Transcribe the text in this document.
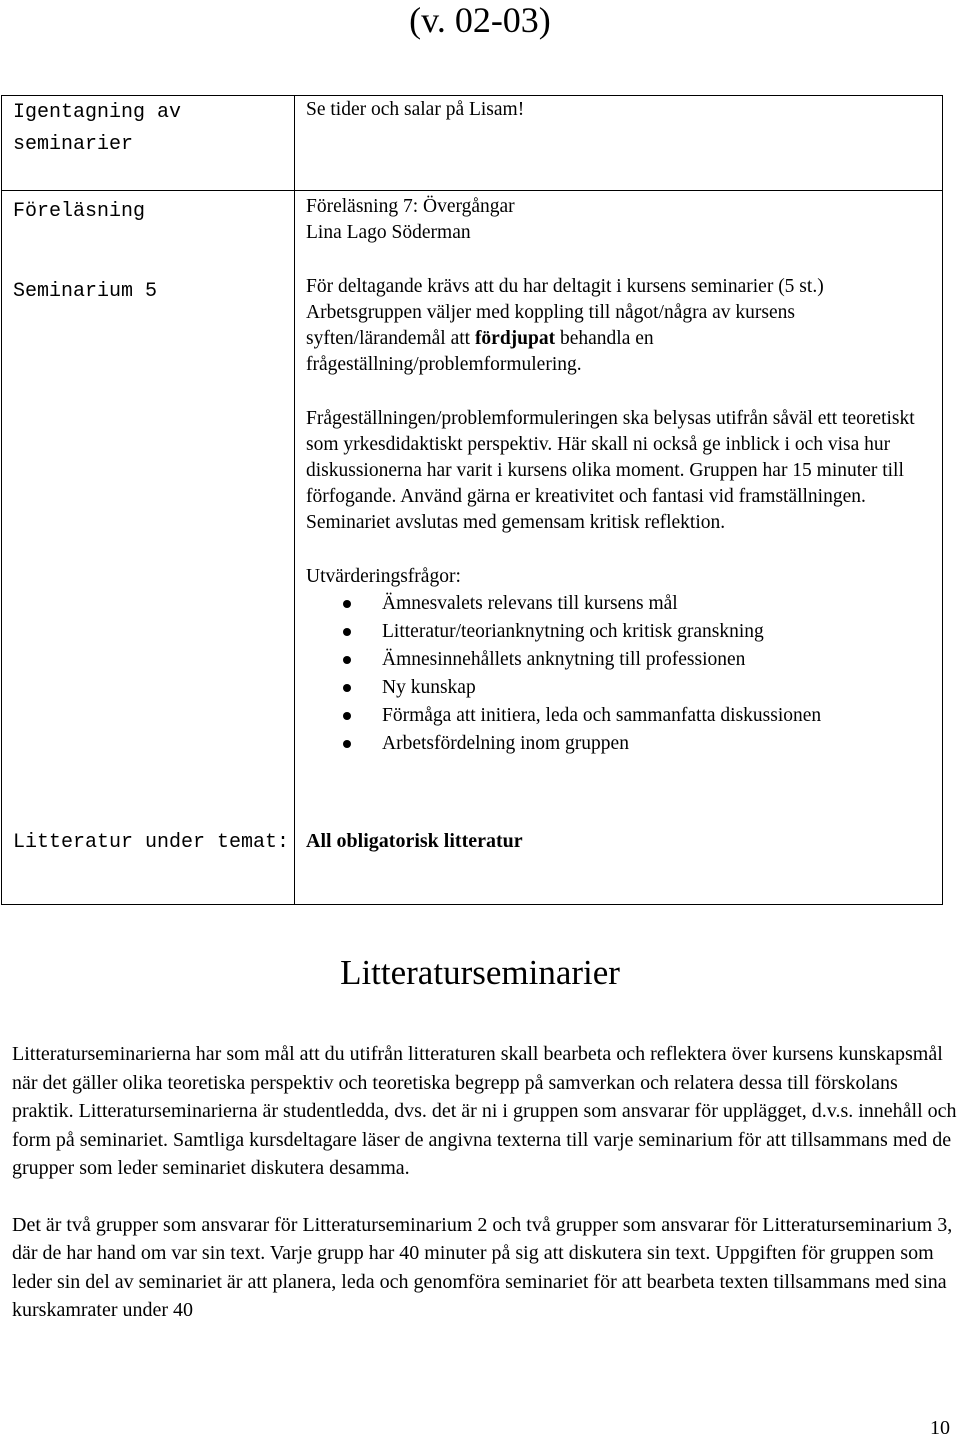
(v. 02-03)
Igentagning av seminarier

Se tider och salar på Lisam!

Föreläsning	Föreläsning 7: Övergångar

Lina Lago Söderman

Seminarium 5	För deltagande krävs att du har deltagit i kursens seminarier (5 st.)

Arbetsgruppen väljer med koppling till något/några av kursens

syften/lärandemål att fördjupat behandla en

frågeställning/problemformulering.

Frågeställningen/problemformuleringen ska belysas utifrån såväl ett teoretiskt som yrkesdidaktiskt perspektiv. Här skall ni också ge inblick i och visa hur diskussionerna har varit i kursens olika moment. Gruppen har 15 minuter till förfogande. Använd gärna er kreativitet och fantasi vid framställningen. Seminariet avslutas med gemensam kritisk reflektion.

Utvärderingsfrågor:

Ämnesvalets relevans till kursens mål
Litteratur/teorianknytning och kritisk granskning
Ämnesinnehållets anknytning till professionen
Ny kunskap
Förmåga att initiera, leda och sammanfatta diskussionen
Arbetsfördelning inom gruppen
Litteratur under temat: All obligatorisk litteratur
Litteraturseminarier

Litteraturseminarierna har som mål att du utifrån litteraturen skall bearbeta och reflektera över kursens kunskapsmål när det gäller olika teoretiska perspektiv och teoretiska begrepp på samverkan och relatera dessa till förskolans praktik. Litteraturseminarierna är studentledda, dvs. det är ni i gruppen som ansvarar för upplägget, d.v.s. innehåll och form på seminariet. Samtliga kursdeltagare läser de angivna texterna till varje seminarium för att tillsammans med de grupper som leder seminariet diskutera desamma.

Det är två grupper som ansvarar för Litteraturseminarium 2 och två grupper som ansvarar för Litteraturseminarium 3, där de har hand om var sin text. Varje grupp har 40 minuter på sig att diskutera sin text. Uppgiften för gruppen som leder sin del av seminariet är att planera, leda och genomföra seminariet för att bearbeta texten tillsammans med sina kurskamrater under 40

10
